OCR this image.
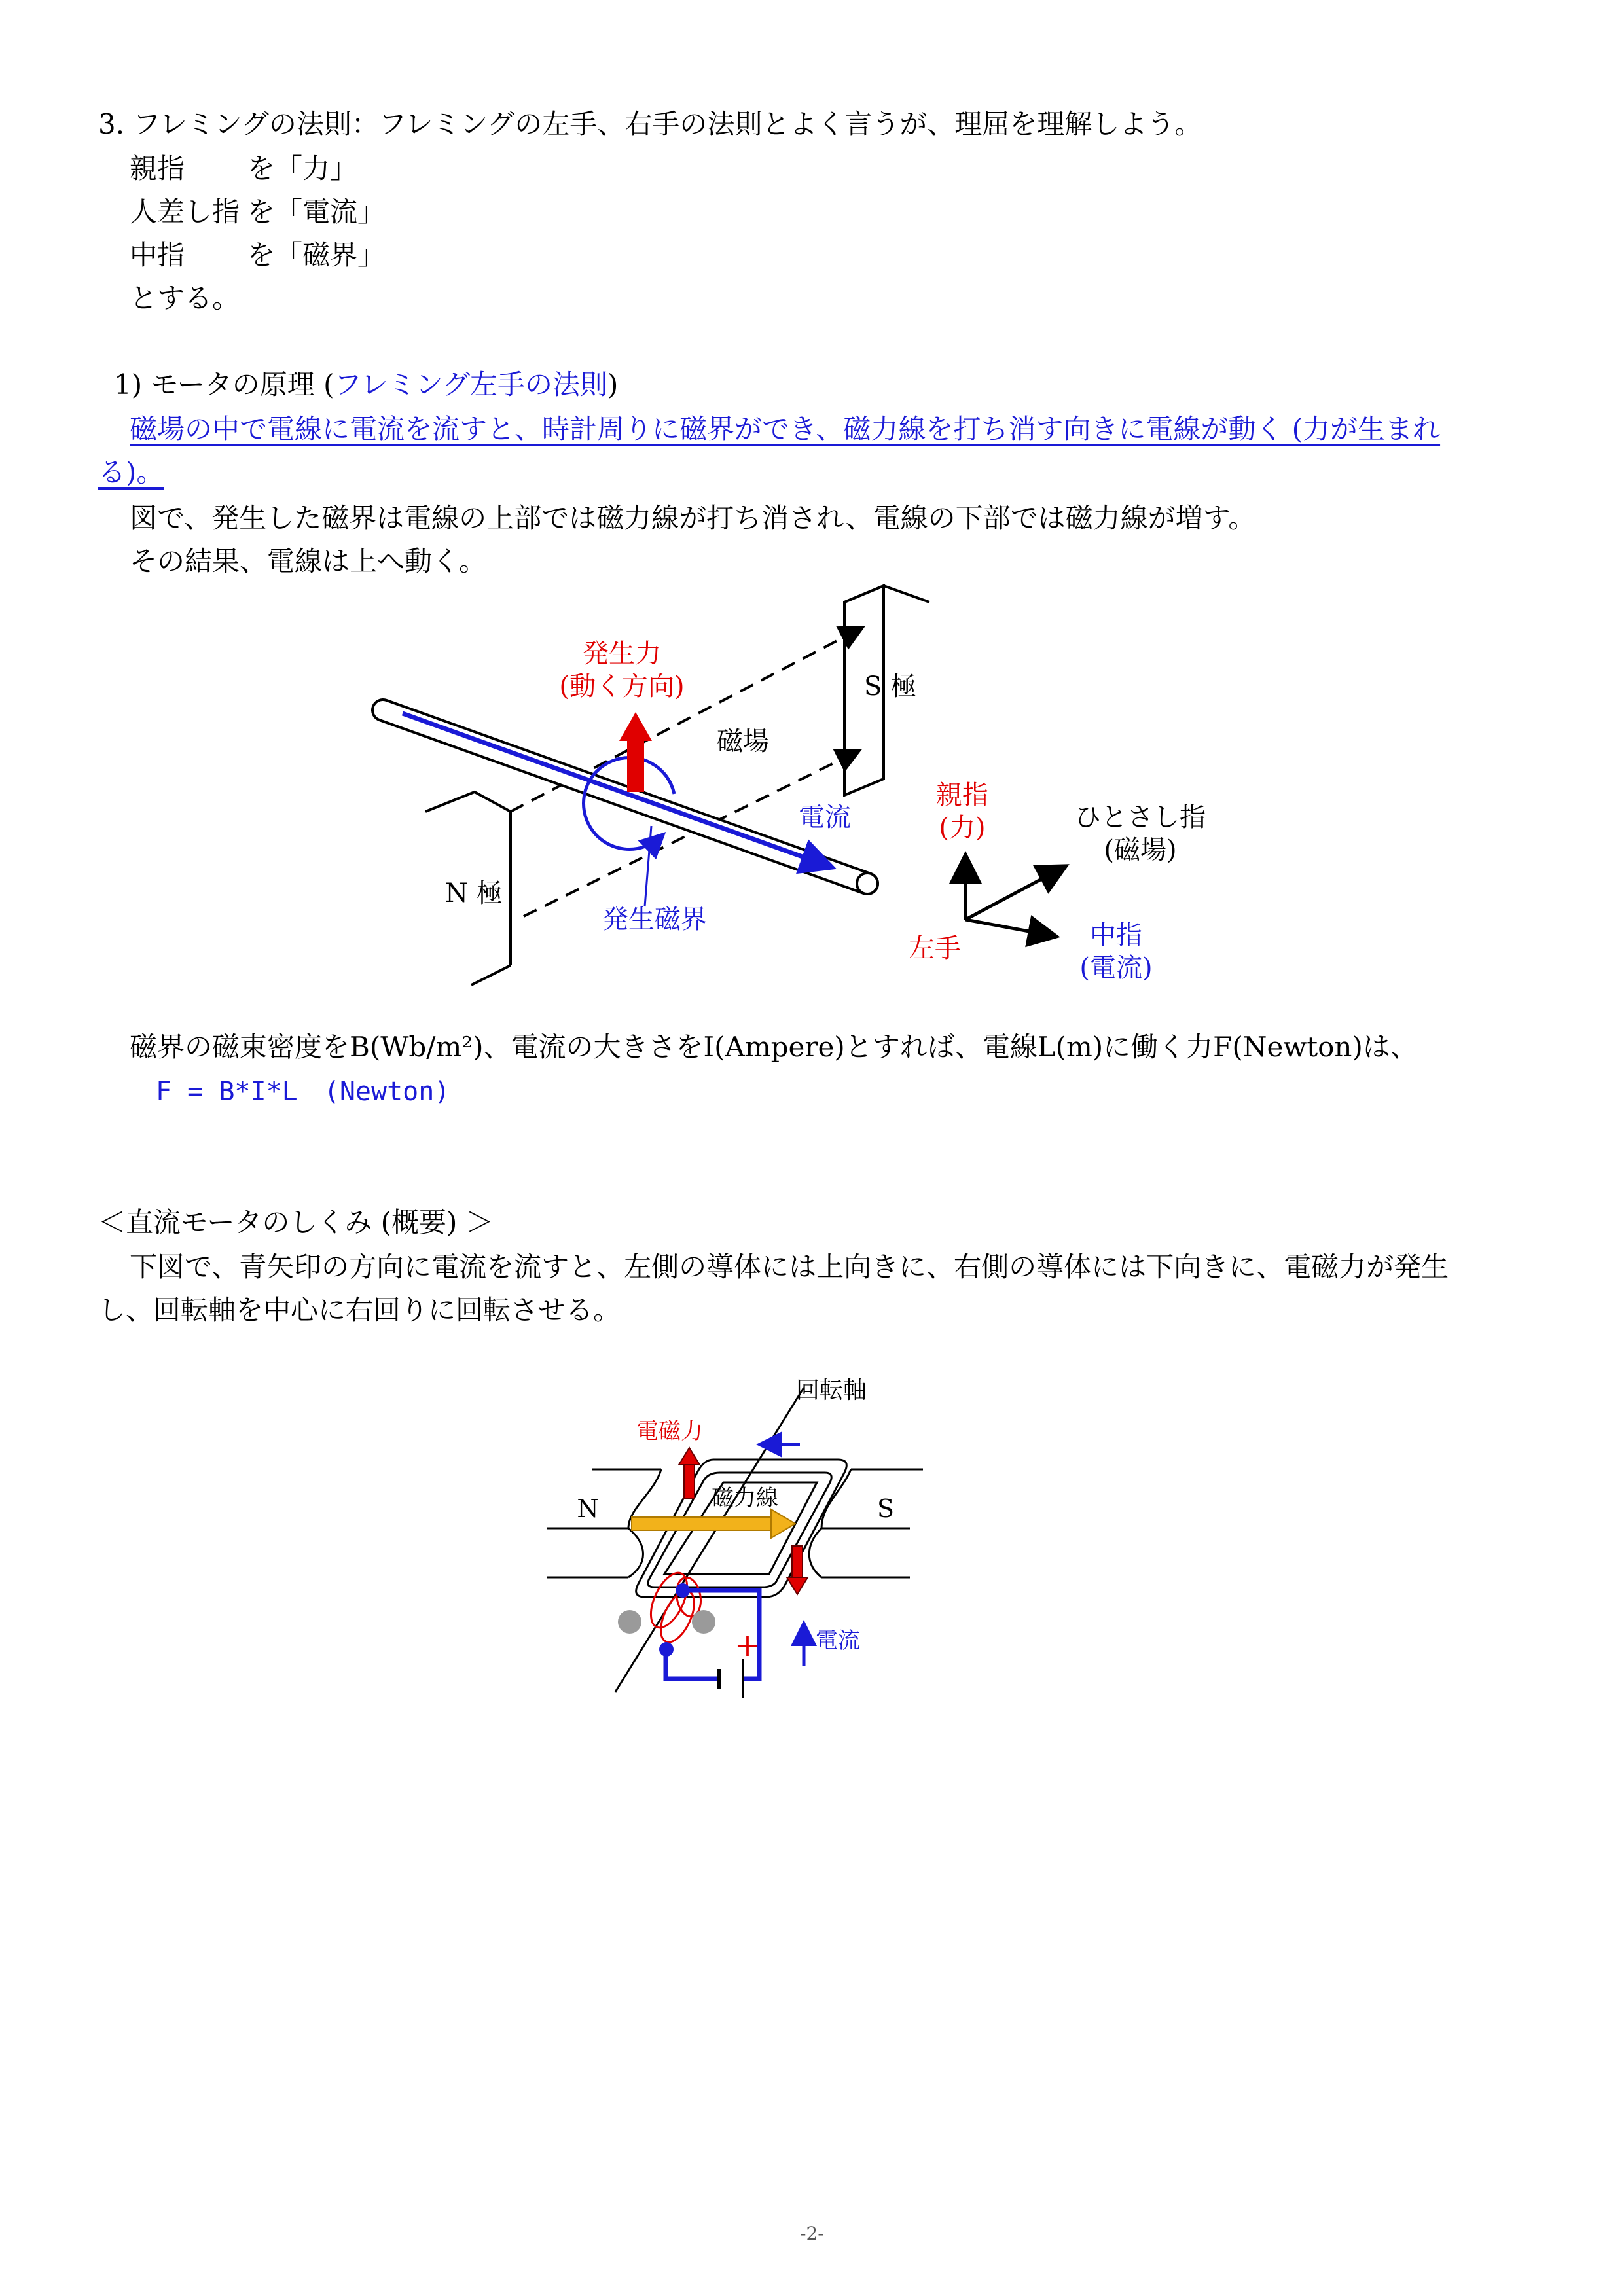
3. フレミングの法則：フレミングの左手、右手の法則とよく言うが、理屈を理解しよう。
親指 を「力」
人差し指 を「電流」
中指 を「磁界」
とする。
1) モータの原理 (フレミング左手の法則)
磁場の中で電線に電流を流すと、時計周りに磁界ができ、磁力線を打ち消す向きに電線が動く (力が生まれ
る)。
図で、発生した磁界は電線の上部では磁力線が打ち消され、電線の下部では磁力線が増す。
その結果、電線は上へ動く。
発生力
(動く方向)	S 極
磁場
電流
N 極
発生磁界
親指
(力)	ひとさし指
(磁場)
左手	中指
(電流)
磁界の磁束密度をB(Wb/m²)、電流の大きさをI(Ampere)とすれば、電線L(m)に働く力F(Newton)は、
F = B*I*L　(Newton)
＜直流モータのしくみ (概要) ＞
下図で、青矢印の方向に電流を流すと、左側の導体には上向きに、右側の導体には下向きに、電磁力が発生
し、回転軸を中心に右回りに回転させる。
回転軸
電磁力
N	磁力線	S
+ 電流
-2-
